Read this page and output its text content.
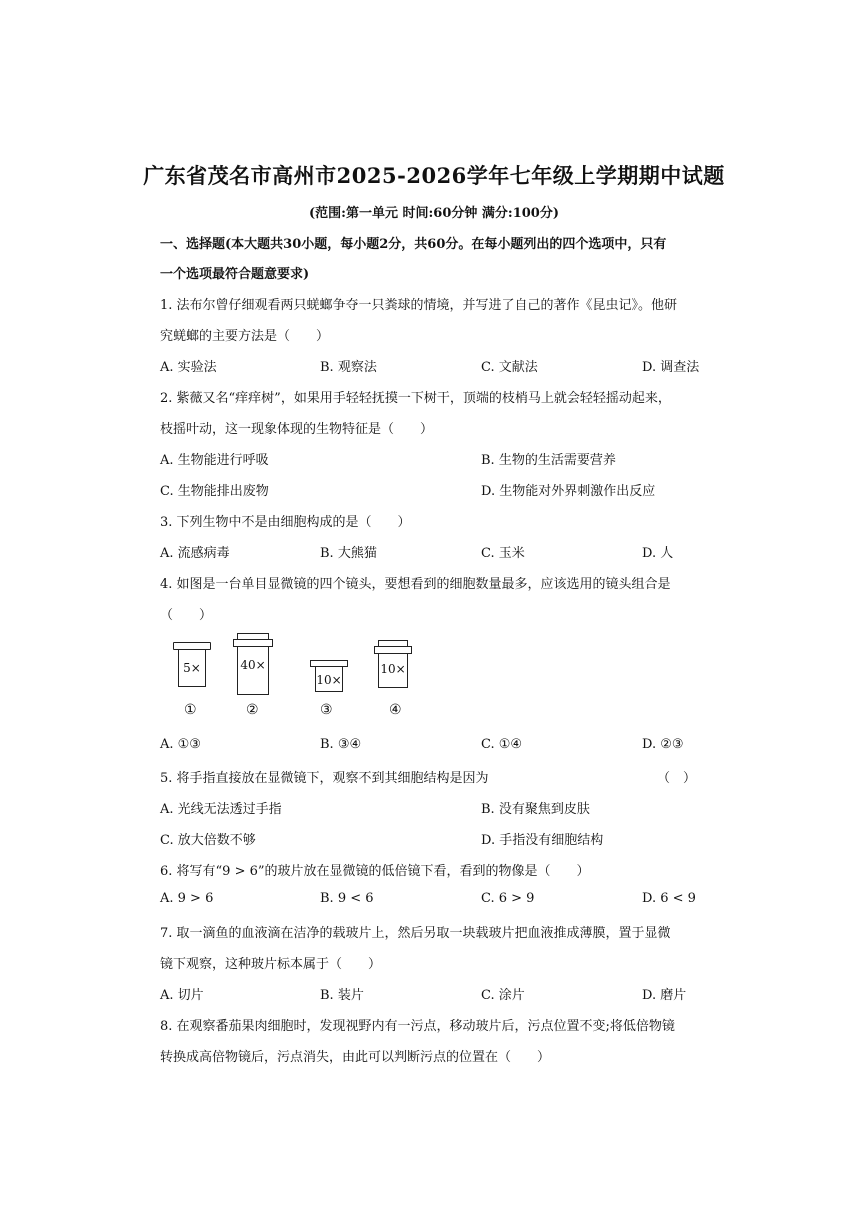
广东省茂名市高州市2025-2026学年七年级上学期期中试题
(范围:第一单元 时间:60分钟 满分:100分)
一、选择题(本大题共30小题，每小题2分，共60分。在每小题列出的四个选项中，只有
一个选项最符合题意要求)
1. 法布尔曾仔细观看两只蜣螂争夺一只粪球的情境，并写进了自己的著作《昆虫记》。他研
究蜣螂的主要方法是（　　）
A. 实验法	B. 观察法	C. 文献法	D. 调查法
2. 紫薇又名“痒痒树”，如果用手轻轻抚摸一下树干，顶端的枝梢马上就会轻轻摇动起来，
枝摇叶动，这一现象体现的生物特征是（　　）
A. 生物能进行呼吸	B. 生物的生活需要营养
C. 生物能排出废物	D. 生物能对外界刺激作出反应
3. 下列生物中不是由细胞构成的是（　　）
A. 流感病毒	B. 大熊猫	C. 玉米	D. 人
4. 如图是一台单目显微镜的四个镜头，要想看到的细胞数量最多，应该选用的镜头组合是
（　　）
5×	40×
10×
10×
①	②	③	④
A. ①③	B. ③④	C. ①④	D. ②③
5. 将手指直接放在显微镜下，观察不到其细胞结构是因为	（　）
A. 光线无法透过手指	B. 没有聚焦到皮肤
C. 放大倍数不够	D. 手指没有细胞结构
6. 将写有“9 > 6”的玻片放在显微镜的低倍镜下看，看到的物像是（　　）
A. 9 > 6	B. 9 < 6	C. 6 > 9	D. 6 < 9
7. 取一滴鱼的血液滴在洁净的载玻片上，然后另取一块载玻片把血液推成薄膜，置于显微
镜下观察，这种玻片标本属于（　　）
A. 切片	B. 装片	C. 涂片	D. 磨片
8. 在观察番茄果肉细胞时，发现视野内有一污点，移动玻片后，污点位置不变;将低倍物镜
转换成高倍物镜后，污点消失，由此可以判断污点的位置在（　　）
